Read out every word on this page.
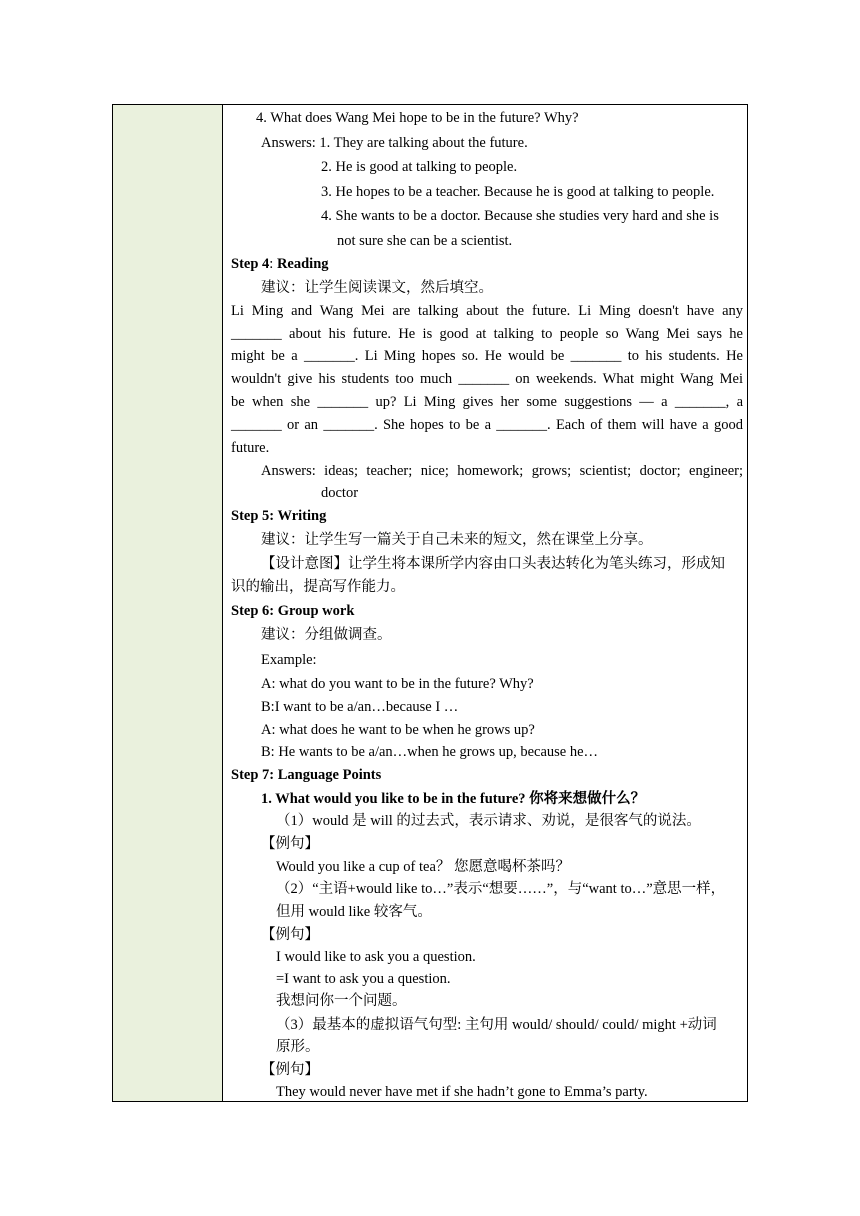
4. What does Wang Mei hope to be in the future? Why?
Answers: 1. They are talking about the future.
2. He is good at talking to people.
3. He hopes to be a teacher. Because he is good at talking to people.
4. She wants to be a doctor. Because she studies very hard and she is
not sure she can be a scientist.
Step 4: Reading
建议：让学生阅读课文，然后填空。
Li Ming and Wang Mei are talking about the future. Li Ming doesn't have any
_______ about his future. He is good at talking to people so Wang Mei says he
might be a _______. Li Ming hopes so. He would be _______ to his students. He
wouldn't give his students too much _______ on weekends. What might Wang Mei
be when she _______ up? Li Ming gives her some suggestions — a _______, a
_______ or an _______. She hopes to be a _______. Each of them will have a good
future.
Answers: ideas; teacher; nice; homework; grows; scientist; doctor; engineer;
doctor
Step 5: Writing
建议：让学生写一篇关于自己未来的短文，然在课堂上分享。
【设计意图】让学生将本课所学内容由口头表达转化为笔头练习，形成知
识的输出，提高写作能力。
Step 6: Group work
建议：分组做调查。
Example:
A: what do you want to be in the future? Why?
B:I want to be a/an…because I …
A: what does he want to be when he grows up?
B: He wants to be a/an…when he grows up, because he…
Step 7: Language Points
1. What would you like to be in the future? 你将来想做什么？
（1）would 是 will 的过去式，表示请求、劝说，是很客气的说法。
【例句】
Would you like a cup of tea？ 您愿意喝杯茶吗？
（2）“主语+would like to…”表示“想要……”，与“want to…”意思一样，
但用 would like 较客气。
【例句】
I would like to ask you a question.
=I want to ask you a question.
我想问你一个问题。
（3）最基本的虚拟语气句型: 主句用 would/ should/ could/ might +动词
原形。
【例句】
They would never have met if she hadn’t gone to Emma’s party.
